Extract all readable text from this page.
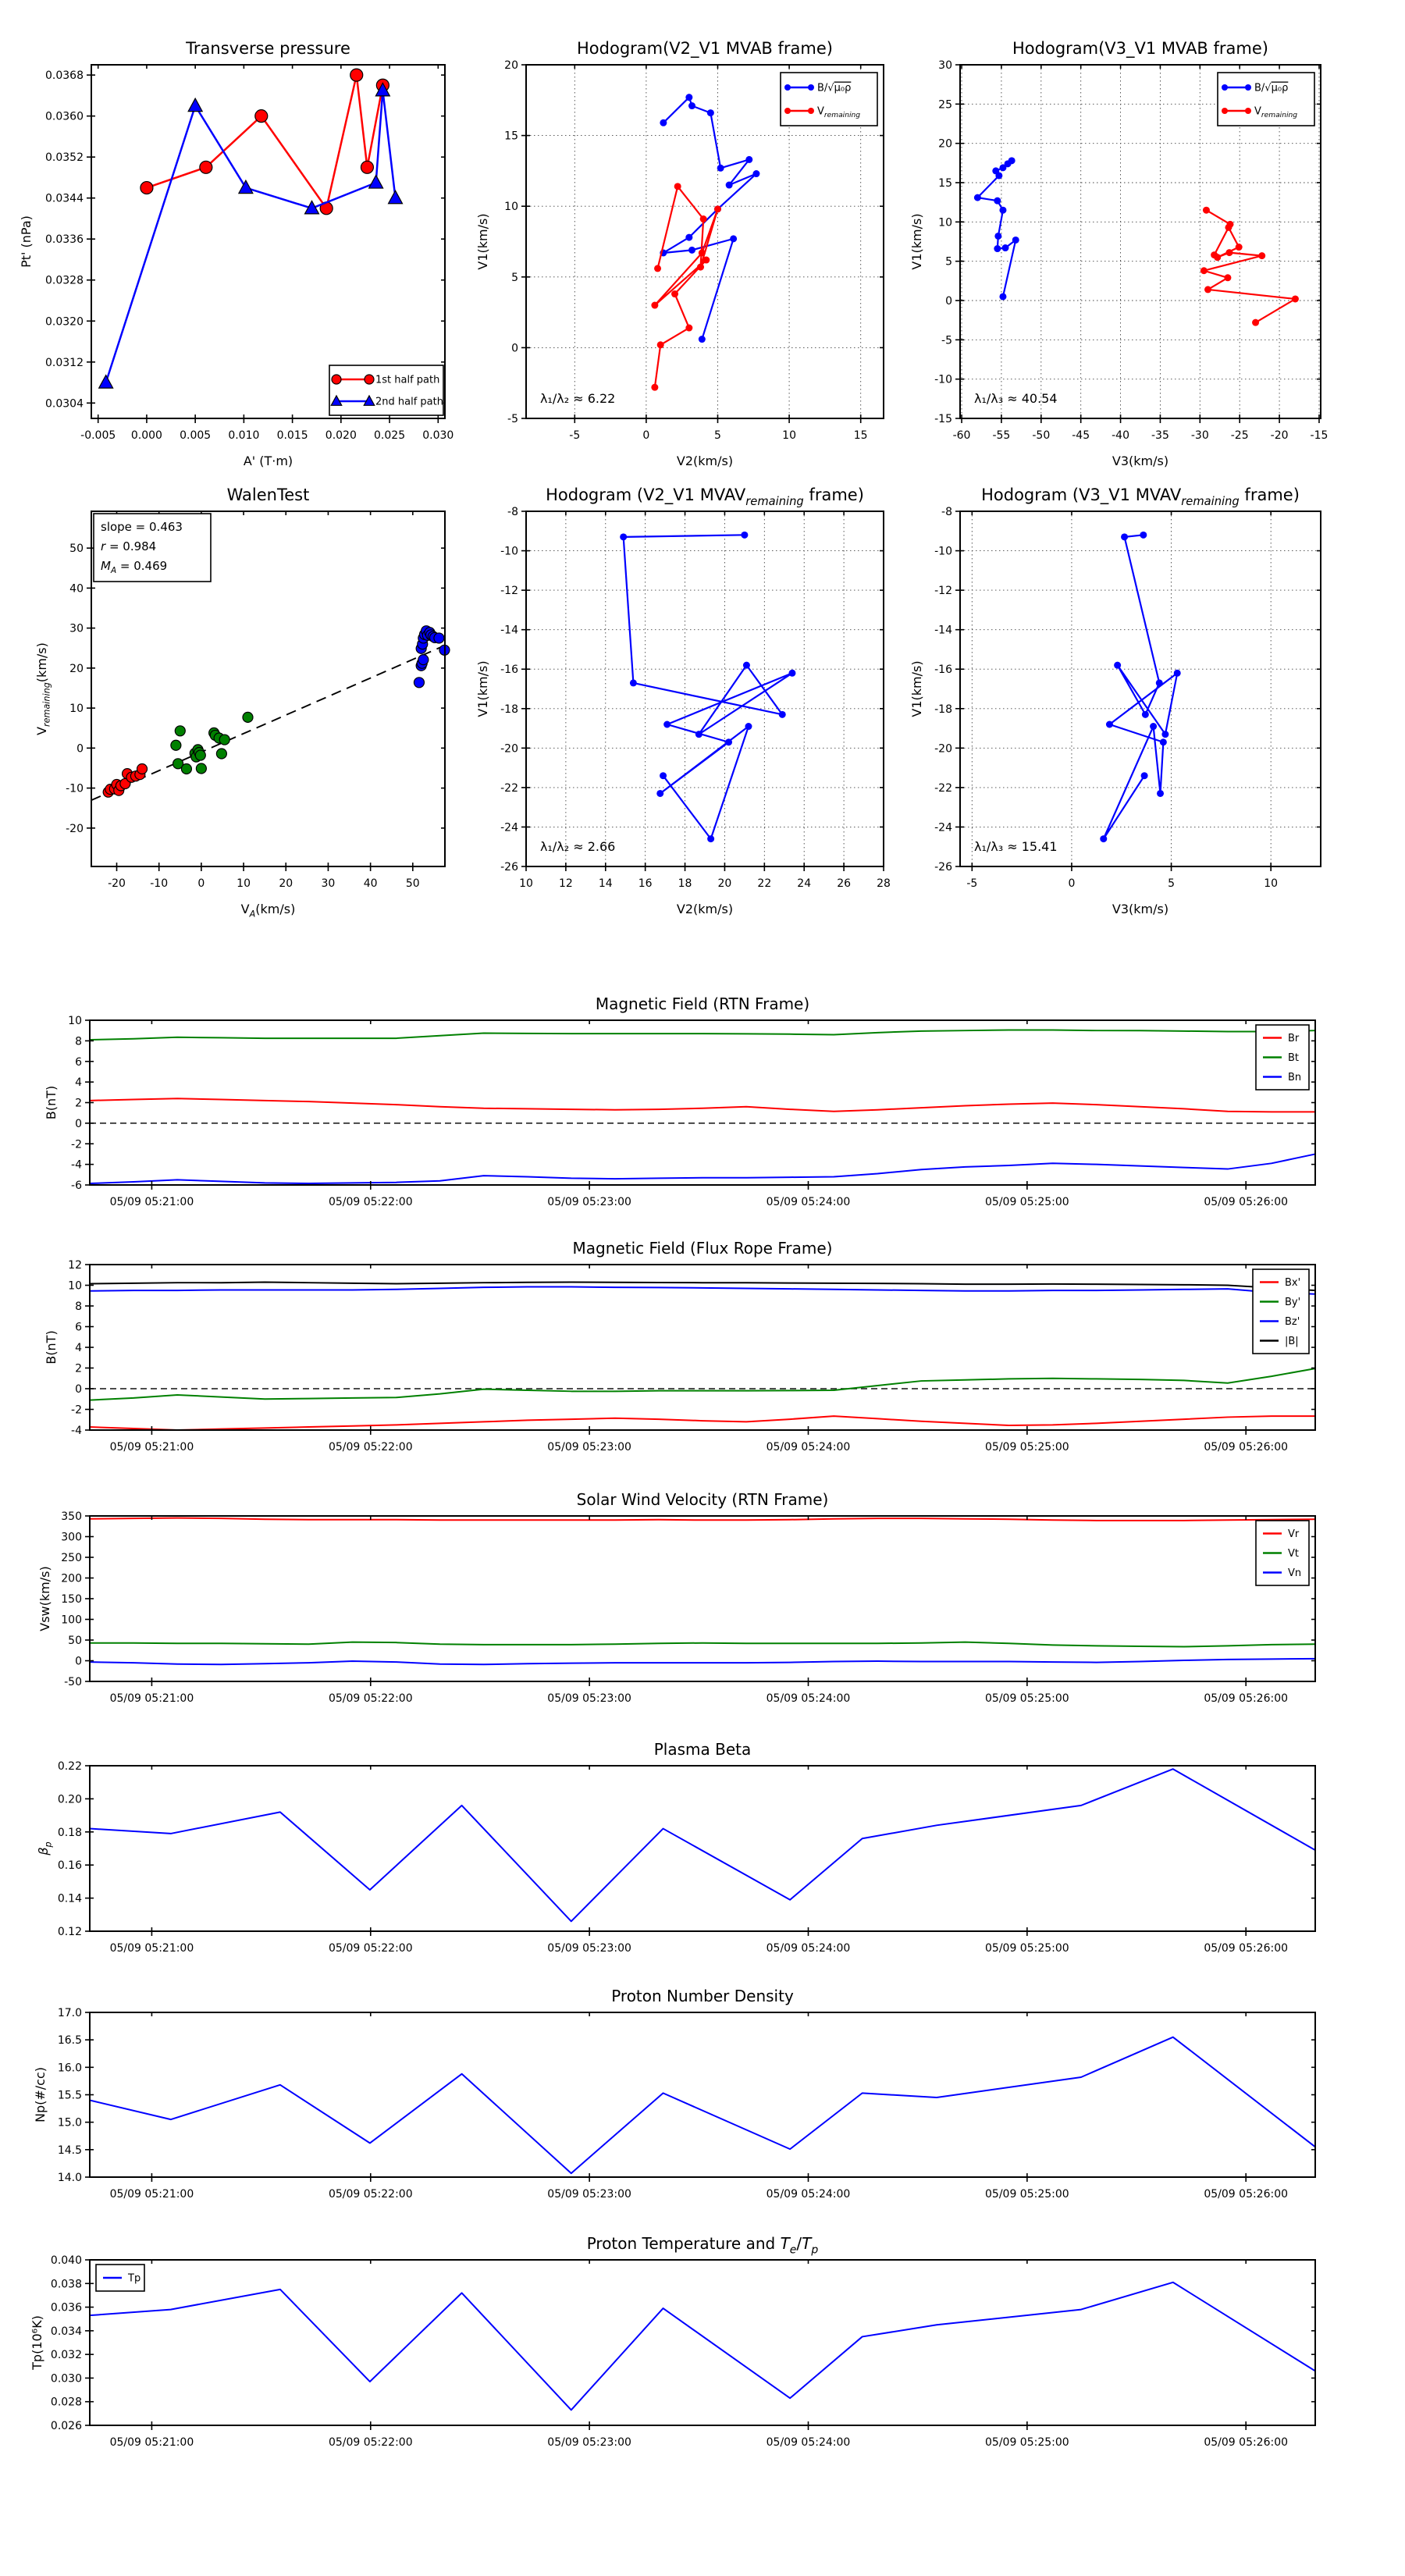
-0.005 0.000 0.005 0.010 0.015 0.020 0.025 0.030
0.0304
0.0312
0.0320
0.0328
0.0336
0.0344
0.0352
0.0360
0.0368
Transverse pressure
A' (T·m)
Pt' (nPa)
1st half path
2nd half path
-5	0	5	10	15
-5
0
5
10
15
20
Hodogram(V2_V1 MVAB frame)
V2(km/s)
V1(km/s)
λ₁/λ₂ ≈ 6.22
B/√μ₀ρ
$V_{remaining}$
-60 -55 -50 -45 -40 -35 -30 -25 -20 -15
-15
-10
-5
0
5
10
15
20
25
30
Hodogram(V3_V1 MVAB frame)
V3(km/s)
V1(km/s)
λ₁/λ₃ ≈ 40.54
B/√μ₀ρ
$V_{remaining}$
-20 -10	0	10	20	30	40	50
-20
-10
0
10
20
30
40
50
WalenTest
$V_A(km/s)$
$V_{remaining}(km/s)$
slope = 0.463
r = 0.984
$M_A = 0.469$
10 12 14 16 18 20 22 24 26 28
-26
-24
-22
-20
-18
-16
-14
-12
-10
-8
Hodogram (V2_V1 $MVAV_{remaining}$ frame)
V2(km/s)
V1(km/s)
λ₁/λ₂ ≈ 2.66
-5	0	5	10
-26
-24
-22
-20
-18
-16
-14
-12
-10
-8
Hodogram (V3_V1 $MVAV_{remaining}$ frame)
V3(km/s)
V1(km/s)
λ₁/λ₃ ≈ 15.41
05/09 05:21:00	05/09 05:22:00	05/09 05:23:00	05/09 05:24:00	05/09 05:25:00	05/09 05:26:00
-6
-4
-2
0
2
4
6
8
10
Magnetic Field (RTN Frame)
B(nT)
Br
Bt
Bn
05/09 05:21:00	05/09 05:22:00	05/09 05:23:00	05/09 05:24:00	05/09 05:25:00	05/09 05:26:00
-4
-2
0
2
4
6
8
10
12
Magnetic Field (Flux Rope Frame)
B(nT)
Bx'
By'
Bz'
|B|
05/09 05:21:00	05/09 05:22:00	05/09 05:23:00	05/09 05:24:00	05/09 05:25:00	05/09 05:26:00
-50
0
50
100
150
200
250
300
350
Solar Wind Velocity (RTN Frame)
Vsw(km/s)
Vr
Vt
Vn
05/09 05:21:00	05/09 05:22:00	05/09 05:23:00	05/09 05:24:00	05/09 05:25:00	05/09 05:26:00
0.12
0.14
0.16
0.18
0.20
0.22
Plasma Beta
$\beta_p$
05/09 05:21:00	05/09 05:22:00	05/09 05:23:00	05/09 05:24:00	05/09 05:25:00	05/09 05:26:00
14.0
14.5
15.0
15.5
16.0
16.5
17.0
Proton Number Density
Np(#/cc)
05/09 05:21:00	05/09 05:22:00	05/09 05:23:00	05/09 05:24:00	05/09 05:25:00	05/09 05:26:00
0.026
0.028
0.030
0.032
0.034
0.036
0.038
0.040
Proton Temperature and $T_e/T_p$
Tp(10⁶K)
Tp
